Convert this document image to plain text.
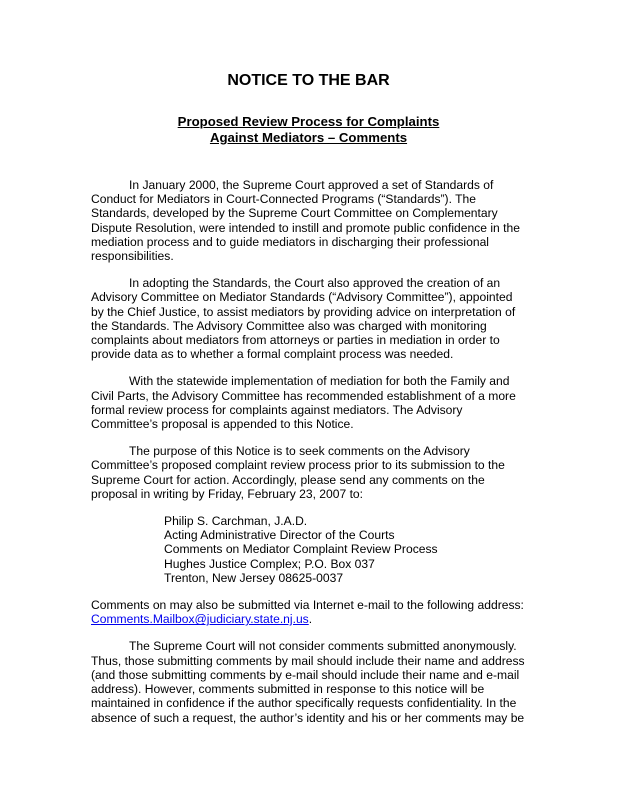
NOTICE TO THE BAR
Proposed Review Process for Complaints
Against Mediators – Comments

In January 2000, the Supreme Court approved a set of Standards of Conduct for Mediators in Court-Connected Programs (“Standards”). The Standards, developed by the Supreme Court Committee on Complementary Dispute Resolution, were intended to instill and promote public confidence in the mediation process and to guide mediators in discharging their professional responsibilities.

In adopting the Standards, the Court also approved the creation of an Advisory Committee on Mediator Standards (“Advisory Committee”), appointed by the Chief Justice, to assist mediators by providing advice on interpretation of the Standards. The Advisory Committee also was charged with monitoring complaints about mediators from attorneys or parties in mediation in order to provide data as to whether a formal complaint process was needed.

With the statewide implementation of mediation for both the Family and Civil Parts, the Advisory Committee has recommended establishment of a more formal review process for complaints against mediators. The Advisory Committee’s proposal is appended to this Notice.

The purpose of this Notice is to seek comments on the Advisory Committee’s proposed complaint review process prior to its submission to the Supreme Court for action. Accordingly, please send any comments on the proposal in writing by Friday, February 23, 2007 to:

Philip S. Carchman, J.A.D.
Acting Administrative Director of the Courts
Comments on Mediator Complaint Review Process
Hughes Justice Complex; P.O. Box 037
Trenton, New Jersey 08625-0037

Comments on may also be submitted via Internet e-mail to the following address: Comments.Mailbox@judiciary.state.nj.us.

The Supreme Court will not consider comments submitted anonymously. Thus, those submitting comments by mail should include their name and address (and those submitting comments by e-mail should include their name and e-mail address). However, comments submitted in response to this notice will be maintained in confidence if the author specifically requests confidentiality. In the absence of such a request, the author’s identity and his or her comments may be
